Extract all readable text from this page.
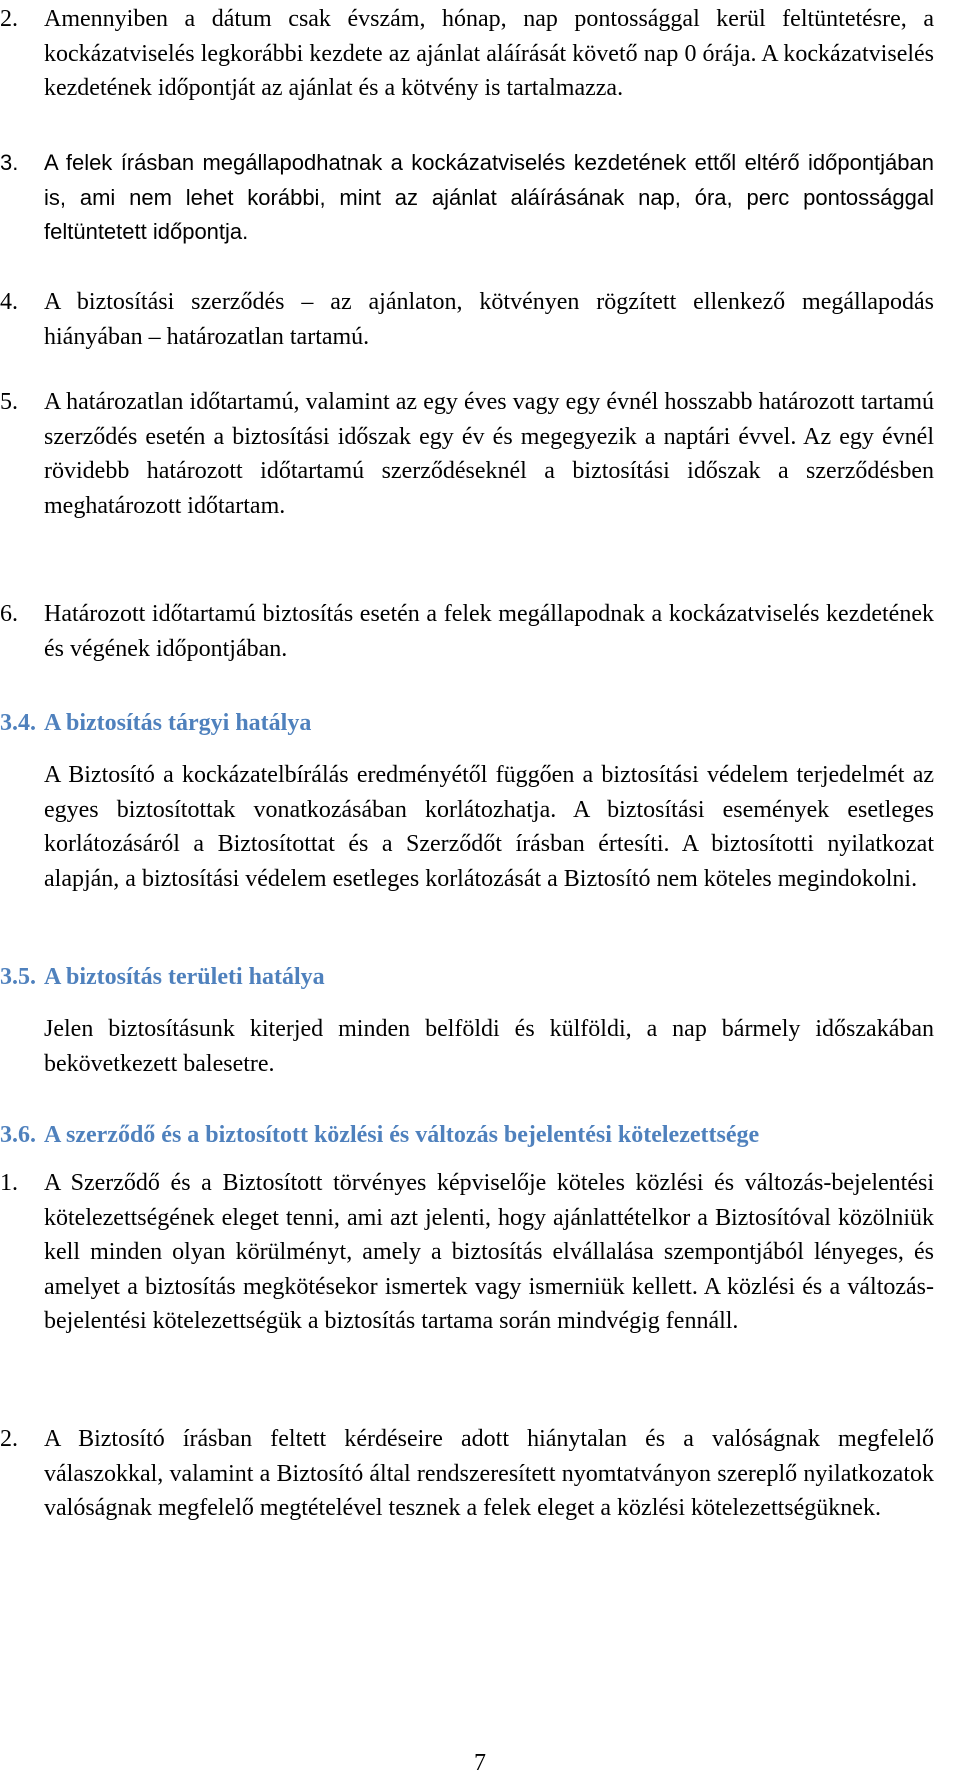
2.	Amennyiben a dátum csak évszám, hónap, nap pontossággal kerül feltüntetésre, a kockázatviselés legkorábbi kezdete az ajánlat aláírását követő nap 0 órája. A kockázatviselés kezdetének időpontját az ajánlat és a kötvény is tartalmazza.
3.	A felek írásban megállapodhatnak a kockázatviselés kezdetének ettől eltérő időpontjában is, ami nem lehet korábbi, mint az ajánlat aláírásának nap, óra, perc pontossággal feltüntetett időpontja.
4.	A biztosítási szerződés – az ajánlaton, kötvényen rögzített ellenkező megállapodás hiányában – határozatlan tartamú.
5.	A határozatlan időtartamú, valamint az egy éves vagy egy évnél hosszabb határozott tartamú szerződés esetén a biztosítási időszak egy év és megegyezik a naptári évvel. Az egy évnél rövidebb határozott időtartamú szerződéseknél a biztosítási időszak a szerződésben meghatározott időtartam.
6.	Határozott időtartamú biztosítás esetén a felek megállapodnak a kockázatviselés kezdetének és végének időpontjában.
3.4. A biztosítás tárgyi hatálya

A Biztosító a kockázatelbírálás eredményétől függően a biztosítási védelem terjedelmét az egyes biztosítottak vonatkozásában korlátozhatja. A biztosítási események esetleges korlátozásáról a Biztosítottat és a Szerződőt írásban értesíti. A biztosítotti nyilatkozat alapján, a biztosítási védelem esetleges korlátozását a Biztosító nem köteles megindokolni.

3.5. A biztosítás területi hatálya

Jelen biztosításunk kiterjed minden belföldi és külföldi, a nap bármely időszakában bekövetkezett balesetre.

3.6. A szerződő és a biztosított közlési és változás bejelentési kötelezettsége
1.	A Szerződő és a Biztosított törvényes képviselője köteles közlési és változás-bejelentési kötelezettségének eleget tenni, ami azt jelenti, hogy ajánlattételkor a Biztosítóval közölniük kell minden olyan körülményt, amely a biztosítás elvállalása szempontjából lényeges, és amelyet a biztosítás megkötésekor ismertek vagy ismerniük kellett. A közlési és a változás-bejelentési kötelezettségük a biztosítás tartama során mindvégig fennáll.
2.	A Biztosító írásban feltett kérdéseire adott hiánytalan és a valóságnak megfelelő válaszokkal, valamint a Biztosító által rendszeresített nyomtatványon szereplő nyilatkozatok valóságnak megfelelő megtételével tesznek a felek eleget a közlési kötelezettségüknek.
7
